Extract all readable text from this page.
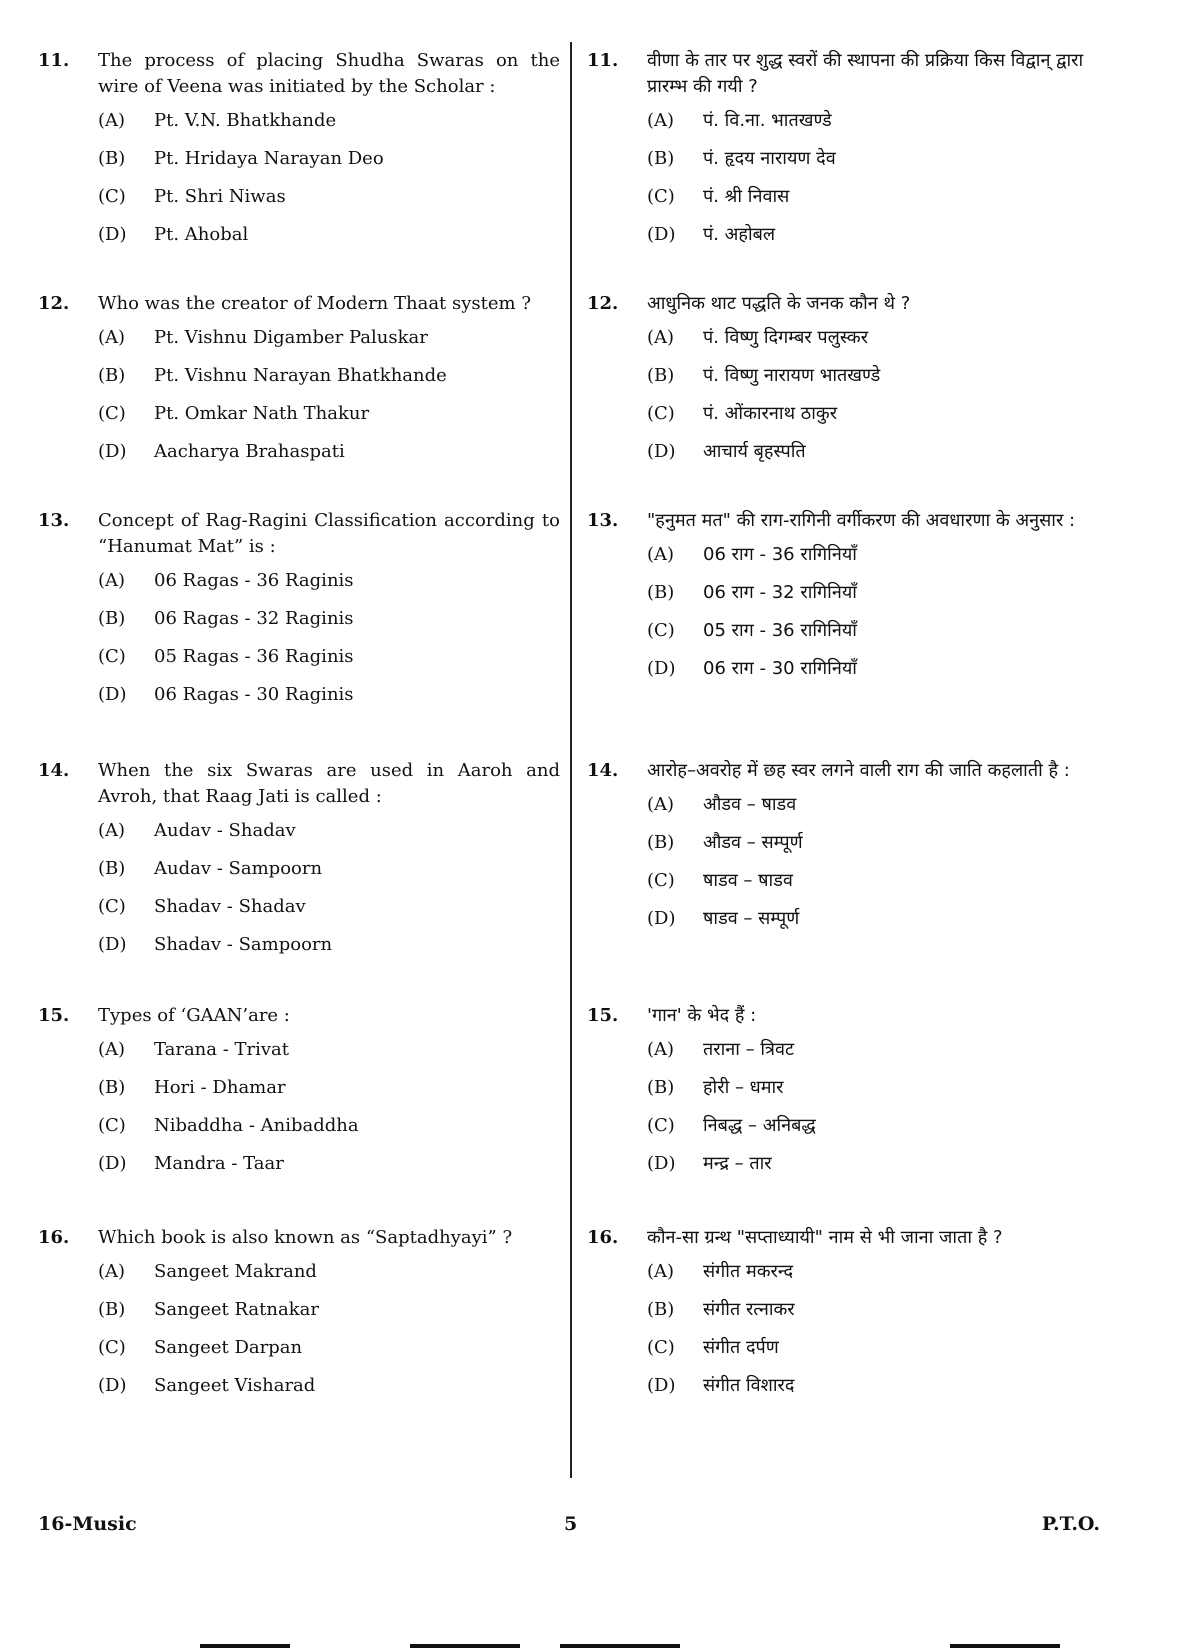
11.	The process of placing Shudha Swaras on the wire of Veena was initiated by the Scholar :
(A)	Pt. V.N. Bhatkhande
(B)	Pt. Hridaya Narayan Deo
(C)	Pt. Shri Niwas
(D)	Pt. Ahobal
12.	Who was the creator of Modern Thaat system ?
(A)	Pt. Vishnu Digamber Paluskar
(B)	Pt. Vishnu Narayan Bhatkhande
(C)	Pt. Omkar Nath Thakur
(D)	Aacharya Brahaspati
13.	Concept of Rag-Ragini Classification according to “Hanumat Mat” is :
(A)	06 Ragas - 36 Raginis
(B)	06 Ragas - 32 Raginis
(C)	05 Ragas - 36 Raginis
(D)	06 Ragas - 30 Raginis
14.	When the six Swaras are used in Aaroh and Avroh, that Raag Jati is called :
(A)	Audav - Shadav
(B)	Audav - Sampoorn
(C)	Shadav - Shadav
(D)	Shadav - Sampoorn
15.	Types of ‘GAAN’are :
(A)	Tarana - Trivat
(B)	Hori - Dhamar
(C)	Nibaddha - Anibaddha
(D)	Mandra - Taar
16.	Which book is also known as “Saptadhyayi” ?
(A)	Sangeet Makrand
(B)	Sangeet Ratnakar
(C)	Sangeet Darpan
(D)	Sangeet Visharad
11.	वीणा के तार पर शुद्ध स्वरों की स्थापना की प्रक्रिया किस विद्वान् द्वारा प्रारम्भ की गयी ?
(A)	पं. वि.ना. भातखण्डे
(B)	पं. हृदय नारायण देव
(C)	पं. श्री निवास
(D)	पं. अहोबल
12.	आधुनिक थाट पद्धति के जनक कौन थे ?
(A)	पं. विष्णु दिगम्बर पलुस्कर
(B)	पं. विष्णु नारायण भातखण्डे
(C)	पं. ओंकारनाथ ठाकुर
(D)	आचार्य बृहस्पति
13.	"हनुमत मत" की राग-रागिनी वर्गीकरण की अवधारणा के अनुसार :
(A)	06 राग - 36 रागिनियाँ
(B)	06 राग - 32 रागिनियाँ
(C)	05 राग - 36 रागिनियाँ
(D)	06 राग - 30 रागिनियाँ
14.	आरोह–अवरोह में छह स्वर लगने वाली राग की जाति कहलाती है :
(A)	औडव – षाडव
(B)	औडव – सम्पूर्ण
(C)	षाडव – षाडव
(D)	षाडव – सम्पूर्ण
15.	'गान' के भेद हैं :
(A)	तराना – त्रिवट
(B)	होरी – धमार
(C)	निबद्ध – अनिबद्ध
(D)	मन्द्र – तार
16.	कौन-सा ग्रन्थ "सप्ताध्यायी" नाम से भी जाना जाता है ?
(A)	संगीत मकरन्द
(B)	संगीत रत्नाकर
(C)	संगीत दर्पण
(D)	संगीत विशारद
16-Music	5	P.T.O.
